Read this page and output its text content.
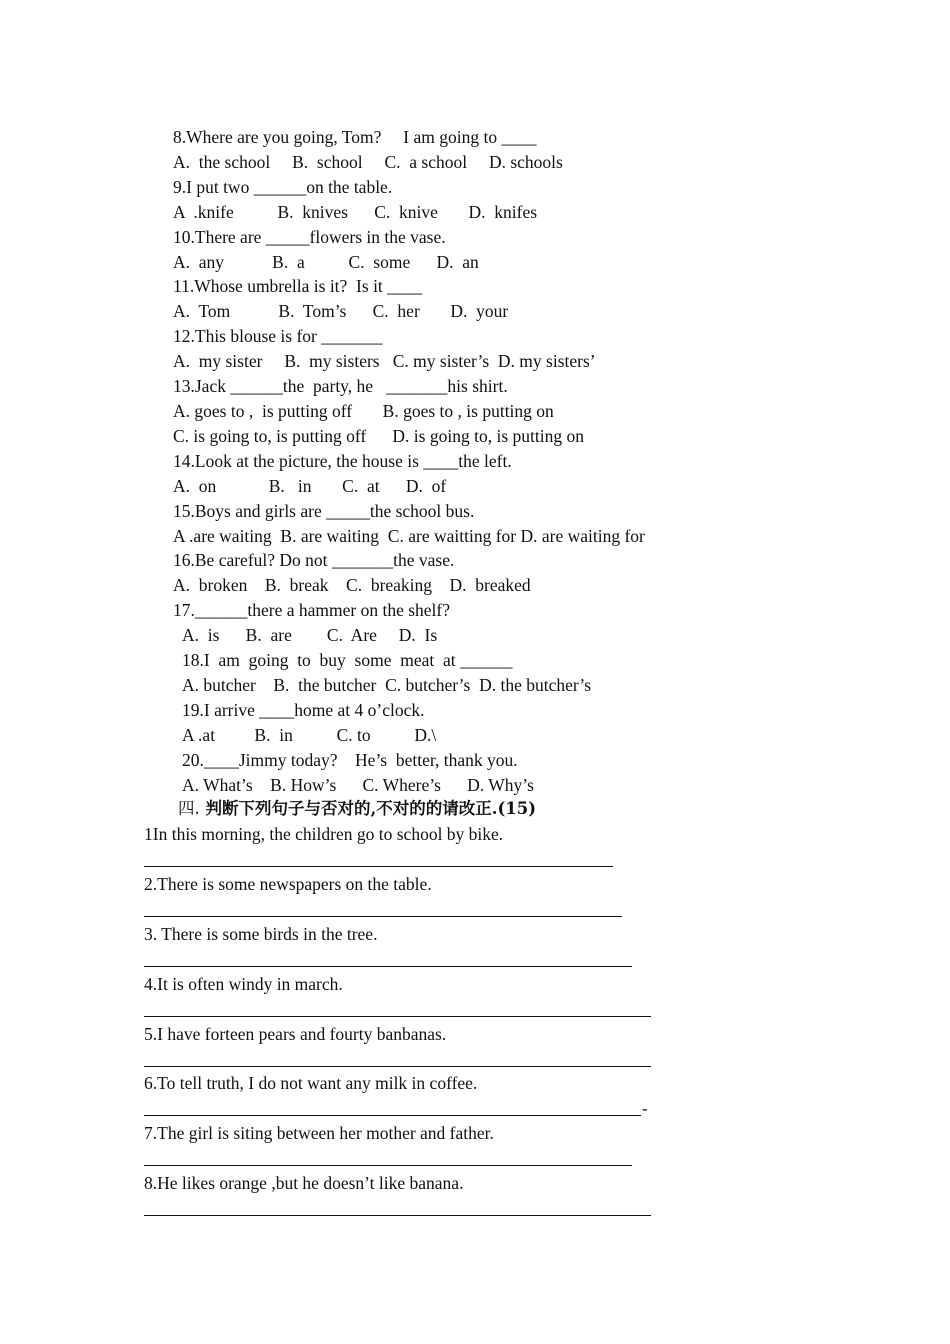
8.Where are you going, Tom?     I am going to ____
A.  the school     B.  school     C.  a school     D. schools
9.I put two ______on the table.
A  .knife          B.  knives      C.  knive       D.  knifes
10.There are _____flowers in the vase.
A.  any           B.  a          C.  some      D.  an
11.Whose umbrella is it?  Is it ____
A.  Tom           B.  Tom’s      C.  her       D.  your
12.This blouse is for _______
A.  my sister     B.  my sisters   C. my sister’s  D. my sisters’
13.Jack ______the  party, he   _______his shirt.
A. goes to ,  is putting off       B. goes to , is putting on
C. is going to, is putting off      D. is going to, is putting on
14.Look at the picture, the house is ____the left.
A.  on            B.   in       C.  at      D.  of
15.Boys and girls are _____the school bus.
A .are waiting  B. are waiting  C. are waitting for D. are waiting for
16.Be careful? Do not _______the vase.
A.  broken    B.  break    C.  breaking    D.  breaked
17.______there a hammer on the shelf?
A.  is      B.  are        C.  Are     D.  Is
18.I  am  going  to  buy  some  meat  at ______
A. butcher    B.  the butcher  C. butcher’s  D. the butcher’s
19.I arrive ____home at 4 o’clock.
A .at         B.  in          C. to          D.\
20.____Jimmy today?    He’s  better, thank you.
A. What’s    B. How’s      C. Where’s      D. Why’s
四. 判断下列句子与否对的,不对的的请改正.(15)
1In this morning, the children go to school by bike.
2.There is some newspapers on the table.
3. There is some birds in the tree.
4.It is often windy in march.
5.I have forteen pears and fourty banbanas.
6.To tell truth, I do not want any milk in coffee.
-
7.The girl is siting between her mother and father.
8.He likes orange ,but he doesn’t like banana.
